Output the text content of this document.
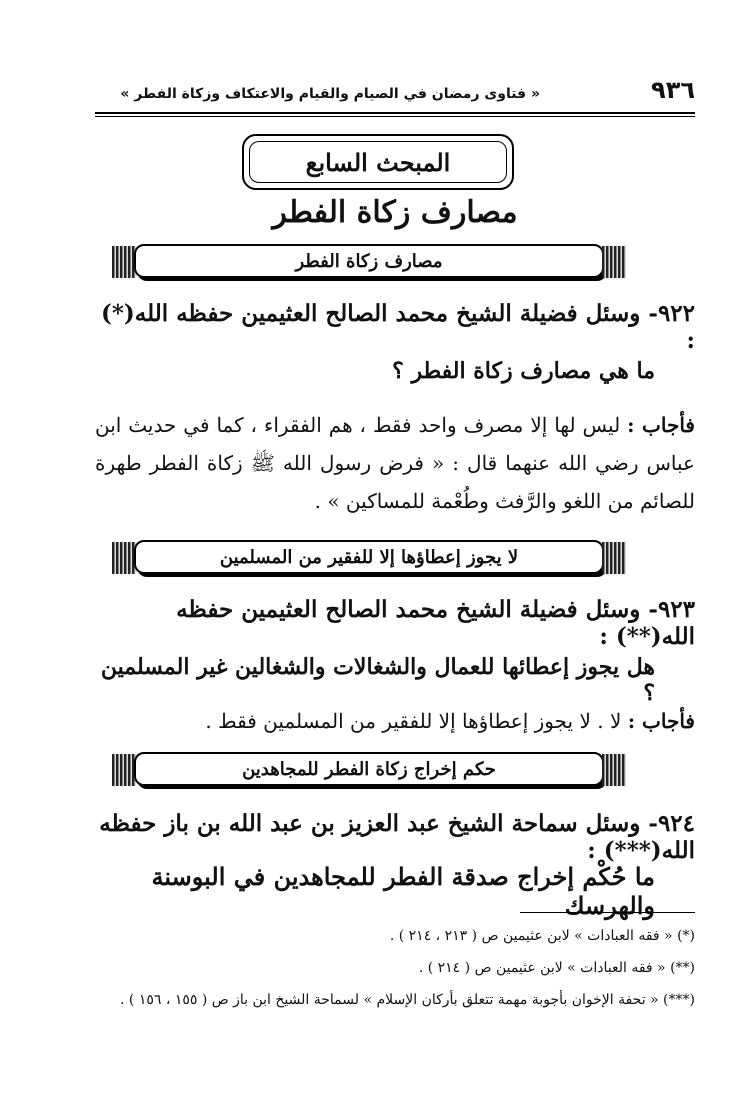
« فتاوى رمضان في الصيام والقيام والاعتكاف وزكاة الفطر »	٩٣٦
المبحث السابع
مصارف زكاة الفطر
مصارف زكاة الفطر
٩٢٢- وسئل فضيلة الشيخ محمد الصالح العثيمين حفظه الله(*) :
ما هي مصارف زكاة الفطر ؟
فأجاب : ليس لها إلا مصرف واحد فقط ، هم الفقراء ، كما في حديث ابن عباس رضي الله عنهما قال : « فرض رسول الله ﷺ زكاة الفطر طهرة للصائم من اللغو والرَّفث وطُعْمة للمساكين » .
لا يجوز إعطاؤها إلا للفقير من المسلمين
٩٢٣- وسئل فضيلة الشيخ محمد الصالح العثيمين حفظه الله(**) :
هل يجوز إعطائها للعمال والشغالات والشغالين غير المسلمين ؟
فأجاب : لا . لا يجوز إعطاؤها إلا للفقير من المسلمين فقط .
حكم إخراج زكاة الفطر للمجاهدين
٩٢٤- وسئل سماحة الشيخ عبد العزيز بن عبد الله بن باز حفظه الله(***) :
ما حُكْم إخراج صدقة الفطر للمجاهدين في البوسنة والهرسك
(*) « فقه العبادات » لابن عثيمين ص ( ٢١٣ ، ٢١٤ ) .
(**) « فقه العبادات » لابن عثيمين ص ( ٢١٤ ) .
(***) « تحفة الإخوان بأجوبة مهمة تتعلق بأركان الإسلام » لسماحة الشيخ ابن باز ص ( ١٥٥ ، ١٥٦ ) .
